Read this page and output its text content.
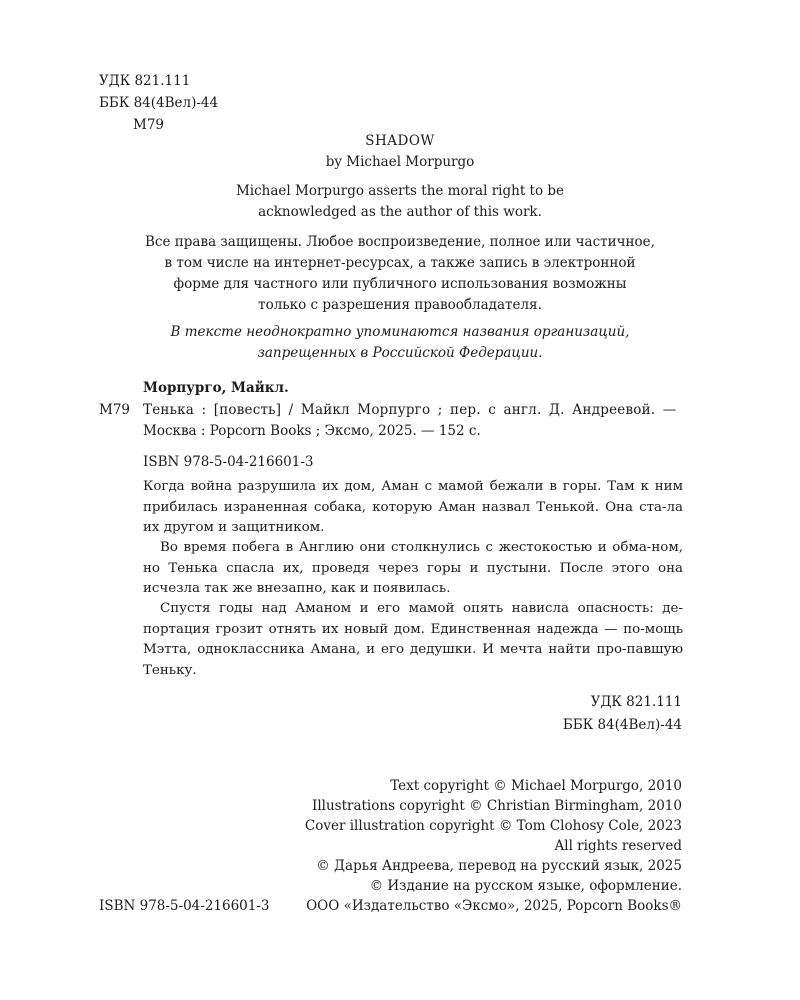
УДК 821.111
ББК 84(4Вел)-44
М79
SHADOW
by Michael Morpurgo
Michael Morpurgo asserts the moral right to be
acknowledged as the author of this work.
Все права защищены. Любое воспроизведение, полное или частичное,
в том числе на интернет-ресурсах, а также запись в электронной
форме для частного или публичного использования возможны
только с разрешения правообладателя.
В тексте неоднократно упоминаются названия организаций,
запрещенных в Российской Федерации.
Морпурго, Майкл.
М79 Тенька : [повесть] / Майкл Морпурго ; пер. с англ. Д. Андреевой. —
Москва : Popcorn Books ; Эксмо, 2025. — 152 с.
ISBN 978-5-04-216601-3
Когда война разрушила их дом, Аман с мамой бежали в горы. Там к ним прибилась израненная собака, которую Аман назвал Тенькой. Она ста-ла их другом и защитником.
Во время побега в Англию они столкнулись с жестокостью и обма-ном, но Тенька спасла их, проведя через горы и пустыни. После этого она исчезла так же внезапно, как и появилась.
Спустя годы над Аманом и его мамой опять нависла опасность: де-портация грозит отнять их новый дом. Единственная надежда — по-мощь Мэтта, одноклассника Амана, и его дедушки. И мечта найти про-павшую Теньку.
УДК 821.111
ББК 84(4Вел)-44
Text copyright © Michael Morpurgo, 2010
Illustrations copyright © Christian Birmingham, 2010
Cover illustration copyright © Tom Clohosy Cole, 2023
All rights reserved
© Дарья Андреева, перевод на русский язык, 2025
© Издание на русском языке, оформление.
ООО «Издательство «Эксмо», 2025, Popcorn Books®
ISBN 978-5-04-216601-3
